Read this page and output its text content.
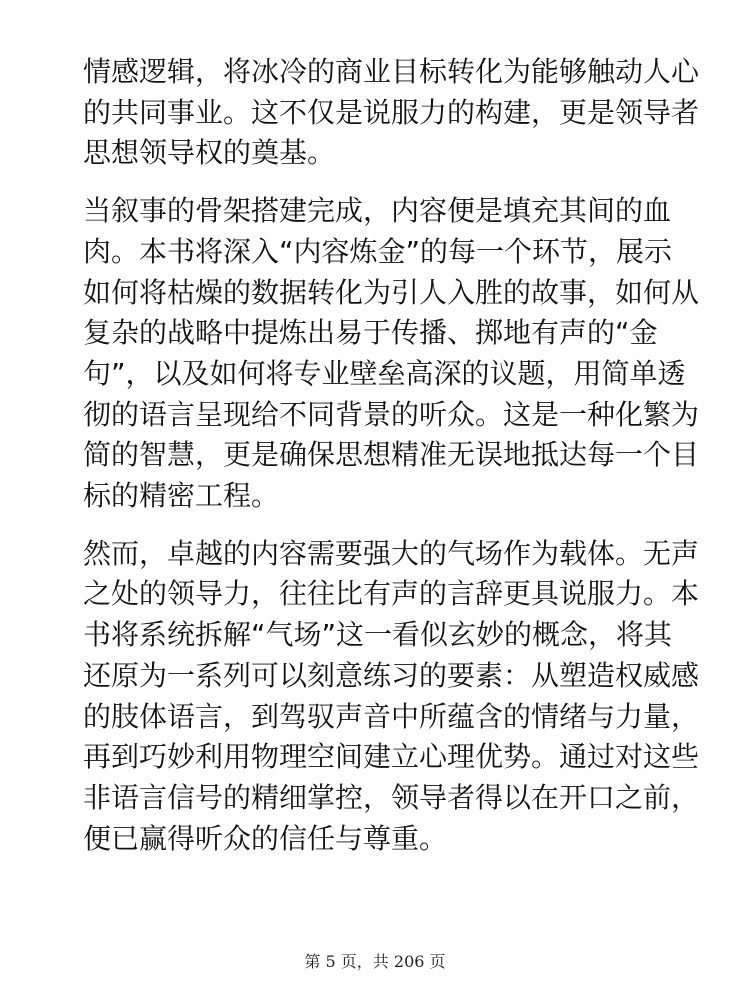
情感逻辑，将冰冷的商业目标转化为能够触动人心
的共同事业。这不仅是说服力的构建，更是领导者
思想领导权的奠基。

当叙事的骨架搭建完成，内容便是填充其间的血
肉。本书将深入“内容炼金”的每一个环节，展示
如何将枯燥的数据转化为引人入胜的故事，如何从
复杂的战略中提炼出易于传播、掷地有声的“金
句”，以及如何将专业壁垒高深的议题，用简单透
彻的语言呈现给不同背景的听众。这是一种化繁为
简的智慧，更是确保思想精准无误地抵达每一个目
标的精密工程。

然而，卓越的内容需要强大的气场作为载体。无声
之处的领导力，往往比有声的言辞更具说服力。本
书将系统拆解“气场”这一看似玄妙的概念，将其
还原为一系列可以刻意练习的要素：从塑造权威感
的肢体语言，到驾驭声音中所蕴含的情绪与力量，
再到巧妙利用物理空间建立心理优势。通过对这些
非语言信号的精细掌控，领导者得以在开口之前，
便已赢得听众的信任与尊重。

第 5 页，共 206 页
